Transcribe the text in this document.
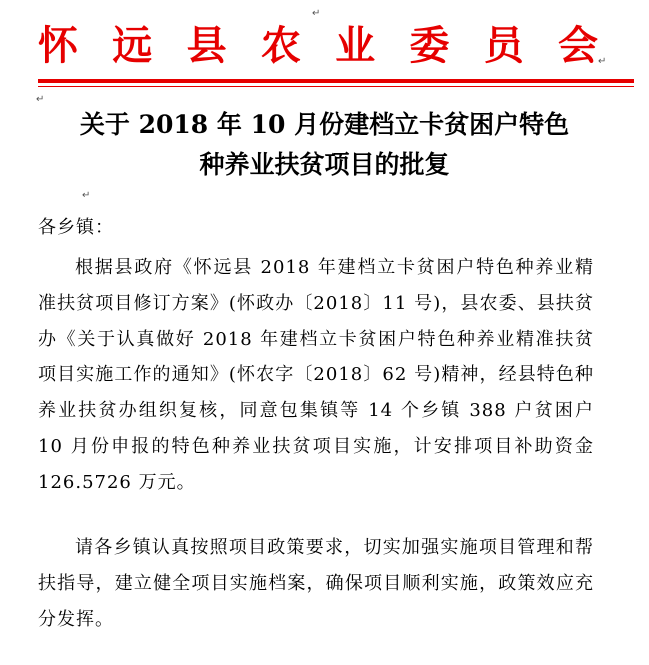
↵
怀 远 县 农 业 委 员 会 ↵
↵
关于 2018 年 10 月份建档立卡贫困户特色
种养业扶贫项目的批复
↵
各乡镇：
根据县政府《怀远县 2018 年建档立卡贫困户特色种养业精准扶贫项目修订方案》(怀政办〔2018〕11 号)，县农委、县扶贫办《关于认真做好 2018 年建档立卡贫困户特色种养业精准扶贫项目实施工作的通知》(怀农字〔2018〕62 号)精神，经县特色种养业扶贫办组织复核，同意包集镇等 14 个乡镇 388 户贫困户 10 月份申报的特色种养业扶贫项目实施，计安排项目补助资金 126.5726 万元。
请各乡镇认真按照项目政策要求，切实加强实施项目管理和帮扶指导，建立健全项目实施档案，确保项目顺利实施，政策效应充分发挥。
